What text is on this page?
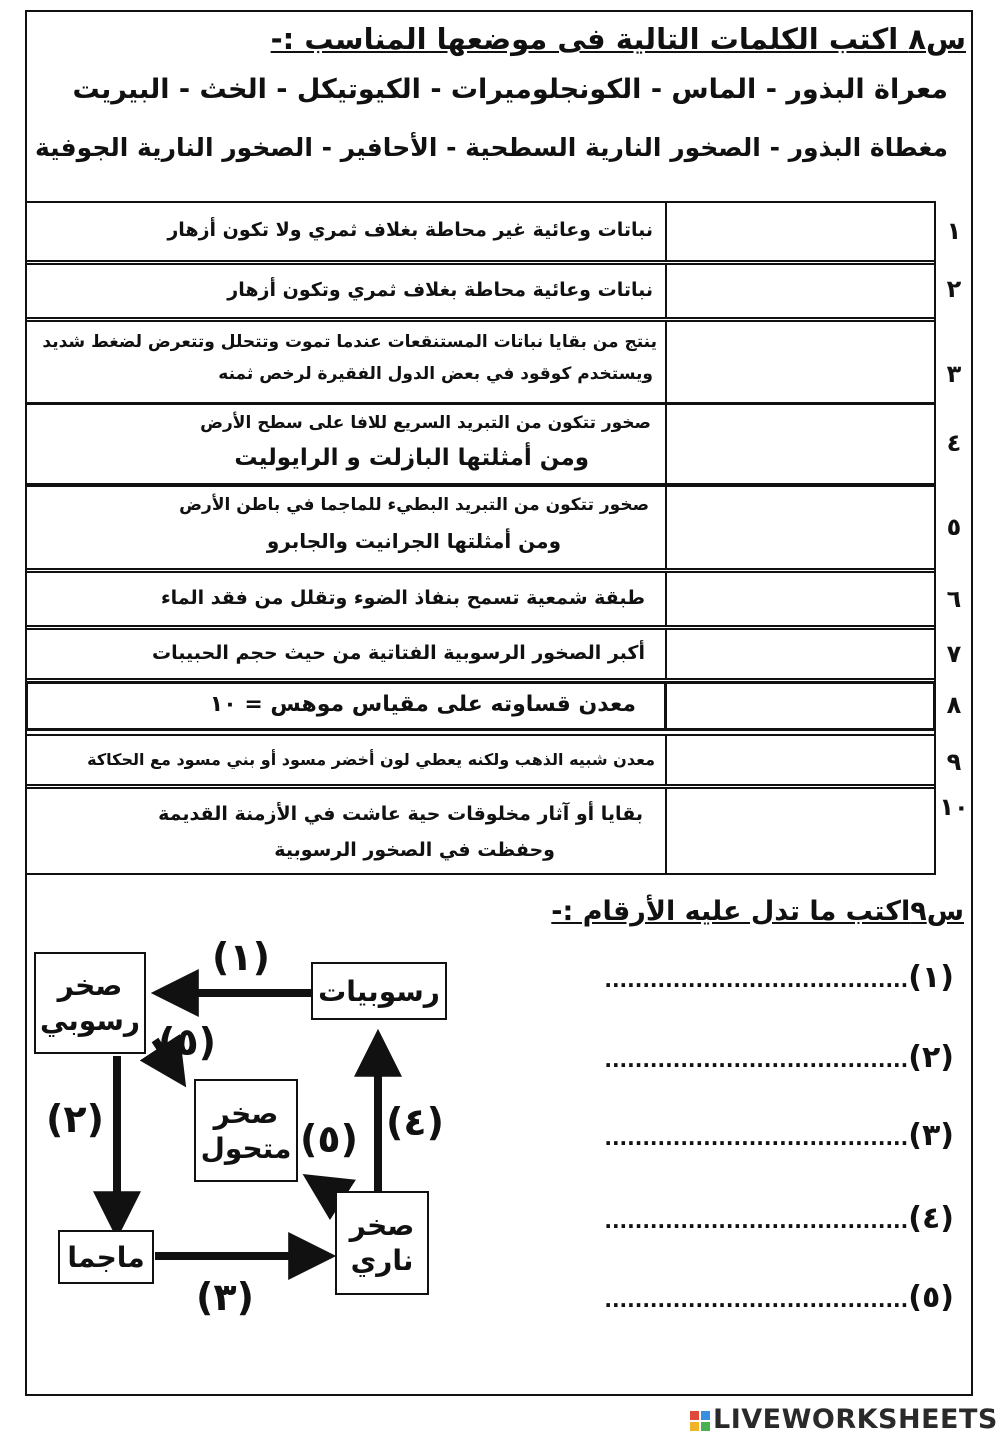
س٨ اكتب الكلمات التالية فى موضعها المناسب :-
معراة البذور - الماس - الكونجلوميرات - الكيوتيكل - الخث - البيريت
مغطاة البذور - الصخور النارية السطحية - الأحافير - الصخور النارية الجوفية
نباتات وعائية غير محاطة بغلاف ثمري ولا تكون أزهار	١
نباتات وعائية محاطة بغلاف ثمري وتكون أزهار	٢
ينتج من بقايا نباتات المستنقعات عندما تموت وتتحلل وتتعرض لضغط شديد
ويستخدم كوقود في بعض الدول الفقيرة لرخص ثمنه	٣
صخور تتكون من التبريد السريع للافا على سطح الأرض
ومن أمثلتها البازلت و الرايوليت
٤
صخور تتكون من التبريد البطيء للماجما في باطن الأرض
ومن أمثلتها الجرانيت والجابرو	٥
طبقة شمعية تسمح بنفاذ الضوء وتقلل من فقد الماء	٦
أكبر الصخور الرسوبية الفتاتية من حيث حجم الحبيبات	٧
معدن قساوته على مقياس موهس = ١٠	٨
معدن شبيه الذهب ولكنه يعطي لون أخضر مسود أو بني مسود مع الحكاكة	٩
بقايا أو آثار مخلوقات حية عاشت في الأزمنة القديمة
وحفظت في الصخور الرسوبية
١٠
س٩اكتب ما تدل عليه الأرقام :-
(١)........................................
(٢)........................................
(٣)........................................
(٤)........................................
(٥)........................................
صخر
رسوبي
رسوبيات
صخر
متحول
ماجما
صخر
ناري
(١)
(٢)
(٣)
(٤)
(٥)
(٥)
LIVEWORKSHEETS
